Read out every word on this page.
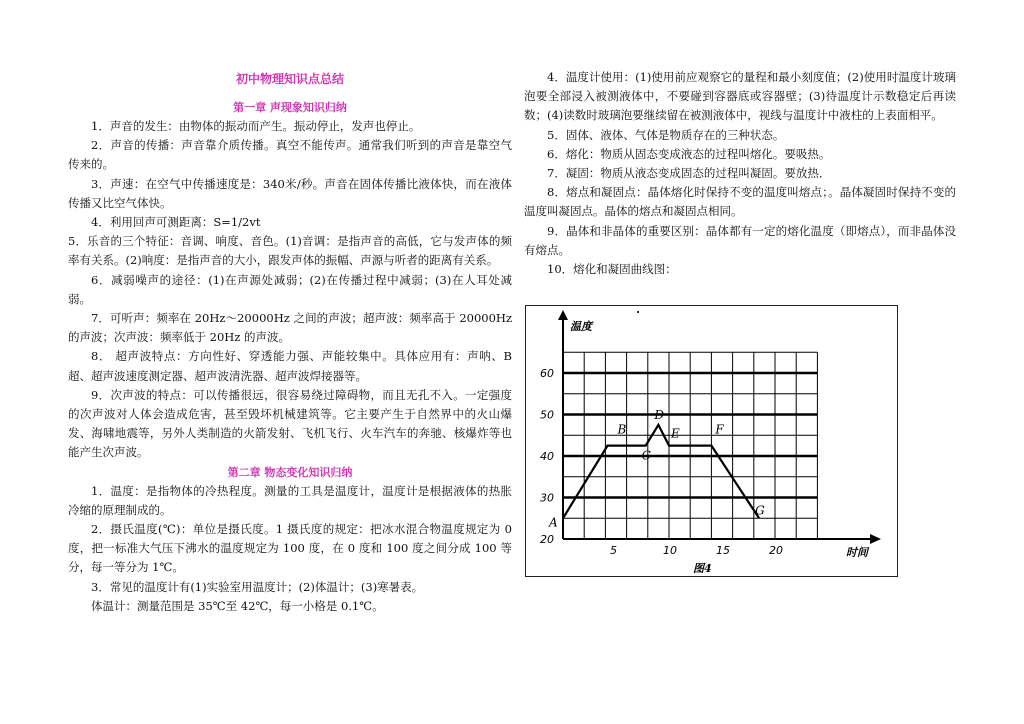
初中物理知识点总结
第一章 声现象知识归纳

1．声音的发生：由物体的振动而产生。振动停止，发声也停止。

2．声音的传播：声音靠介质传播。真空不能传声。通常我们听到的声音是靠空气传来的。

3．声速：在空气中传播速度是：340米/秒。声音在固体传播比液体快，而在液体传播又比空气体快。

4．利用回声可测距离：S=1/2vt

5．乐音的三个特征：音调、响度、音色。(1)音调：是指声音的高低，它与发声体的频率有关系。(2)响度：是指声音的大小，跟发声体的振幅、声源与听者的距离有关系。

6．减弱噪声的途径：(1)在声源处减弱；(2)在传播过程中减弱；(3)在人耳处减弱。

7．可听声：频率在 20Hz～20000Hz 之间的声波；超声波：频率高于 20000Hz 的声波；次声波：频率低于 20Hz 的声波。

8． 超声波特点：方向性好、穿透能力强、声能较集中。具体应用有：声呐、B 超、超声波速度测定器、超声波清洗器、超声波焊接器等。

9．次声波的特点：可以传播很远，很容易绕过障碍物，而且无孔不入。一定强度的次声波对人体会造成危害，甚至毁坏机械建筑等。它主要产生于自然界中的火山爆发、海啸地震等，另外人类制造的火箭发射、飞机飞行、火车汽车的奔驰、核爆炸等也能产生次声波。

第二章 物态变化知识归纳

1．温度：是指物体的冷热程度。测量的工具是温度计，温度计是根据液体的热胀冷缩的原理制成的。

2．摄氏温度(℃)：单位是摄氏度。1 摄氏度的规定：把冰水混合物温度规定为 0 度，把一标准大气压下沸水的温度规定为 100 度，在 0 度和 100 度之间分成 100 等分，每一等分为 1℃。

3．常见的温度计有(1)实验室用温度计；(2)体温计；(3)寒暑表。

体温计：测量范围是 35℃至 42℃，每一小格是 0.1℃。

4．温度计使用：(1)使用前应观察它的量程和最小刻度值；(2)使用时温度计玻璃泡要全部浸入被测液体中，不要碰到容器底或容器壁；(3)待温度计示数稳定后再读数；(4)读数时玻璃泡要继续留在被测液体中，视线与温度计中液柱的上表面相平。

5．固体、液体、气体是物质存在的三种状态。

6．熔化：物质从固态变成液态的过程叫熔化。要吸热。

7．凝固：物质从液态变成固态的过程叫凝固。要放热．

8．熔点和凝固点：晶体熔化时保持不变的温度叫熔点；。晶体凝固时保持不变的温度叫凝固点。晶体的熔点和凝固点相同。

9．晶体和非晶体的重要区别：晶体都有一定的熔化温度（即熔点），而非晶体没有熔点。

10．熔化和凝固曲线图：

5	10	15	20
20
30
40
50
60
温度
时间
图4
A
B
C
D
E	F
G
